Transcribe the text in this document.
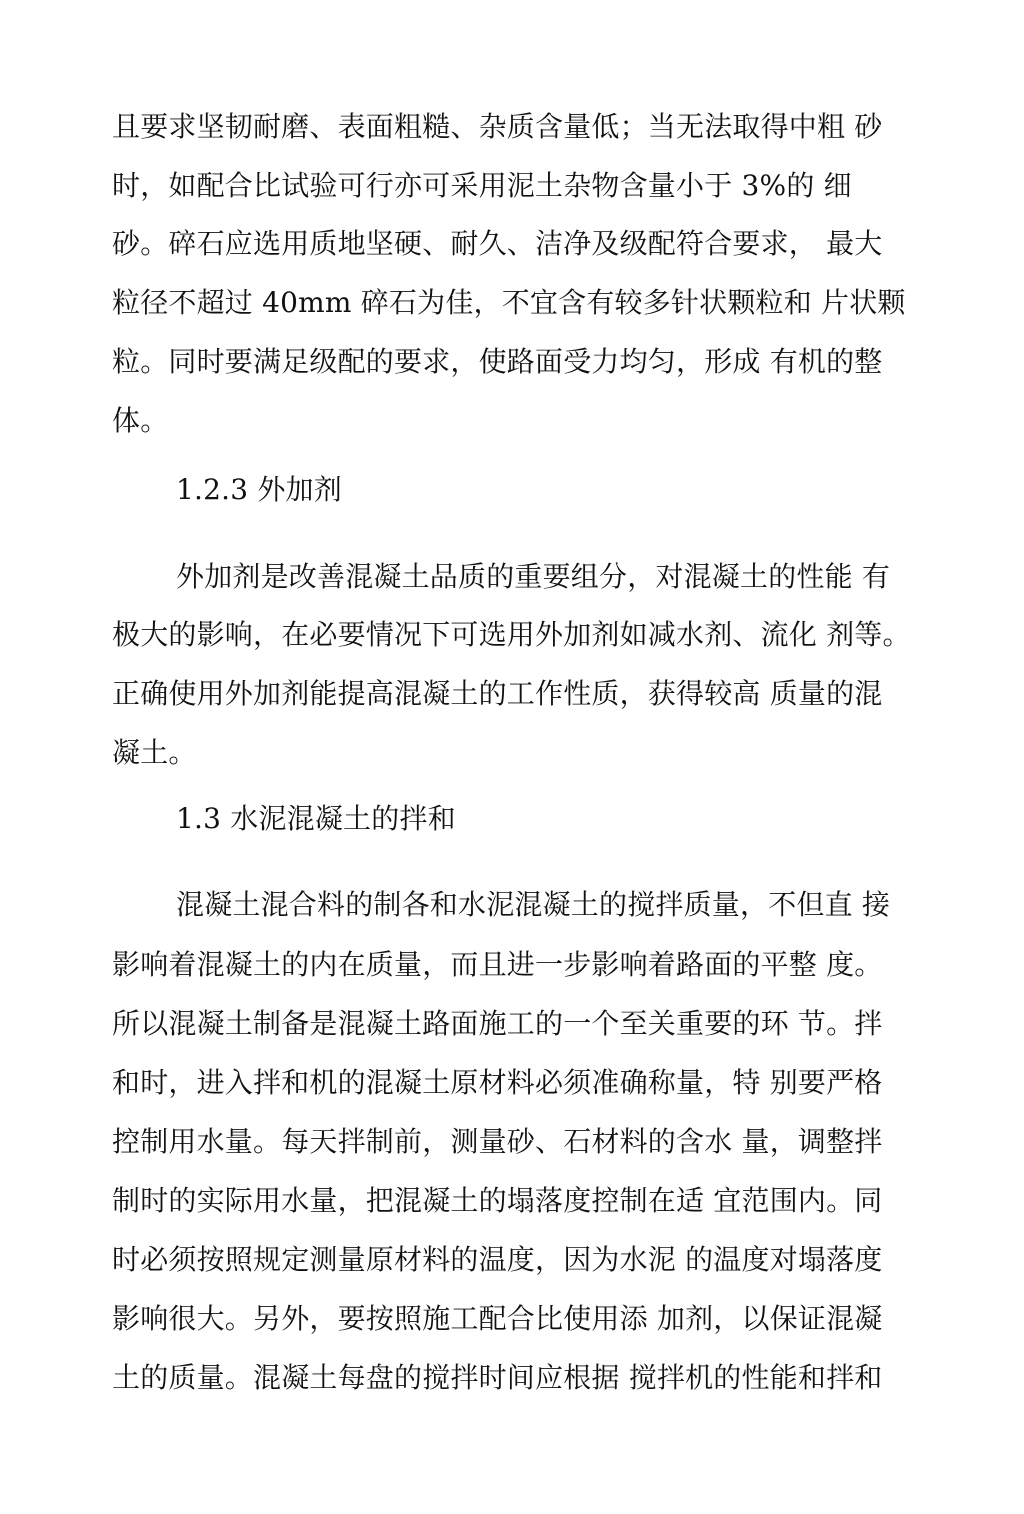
且要求坚韧耐磨、表面粗糙、杂质含量低；当无法取得中粗 砂
时，如配合比试验可行亦可采用泥土杂物含量小于 3%的 细
砂。碎石应选用质地坚硬、耐久、洁净及级配符合要求， 最大
粒径不超过 40mm 碎石为佳，不宜含有较多针状颗粒和 片状颗
粒。同时要满足级配的要求，使路面受力均匀，形成 有机的整
体。
1.2.3 外加剂
外加剂是改善混凝土品质的重要组分，对混凝土的性能 有
极大的影响，在必要情况下可选用外加剂如减水剂、流化 剂等。
正确使用外加剂能提高混凝土的工作性质，获得较高 质量的混
凝土。
1.3 水泥混凝土的拌和
混凝土混合料的制各和水泥混凝土的搅拌质量，不但直 接
影响着混凝土的内在质量，而且进一步影响着路面的平整 度。
所以混凝土制备是混凝土路面施工的一个至关重要的环 节。拌
和时，进入拌和机的混凝土原材料必须准确称量，特 别要严格
控制用水量。每天拌制前，测量砂、石材料的含水 量，调整拌
制时的实际用水量，把混凝土的塌落度控制在适 宜范围内。同
时必须按照规定测量原材料的温度，因为水泥 的温度对塌落度
影响很大。另外，要按照施工配合比使用添 加剂，以保证混凝
土的质量。混凝土每盘的搅拌时间应根据 搅拌机的性能和拌和
